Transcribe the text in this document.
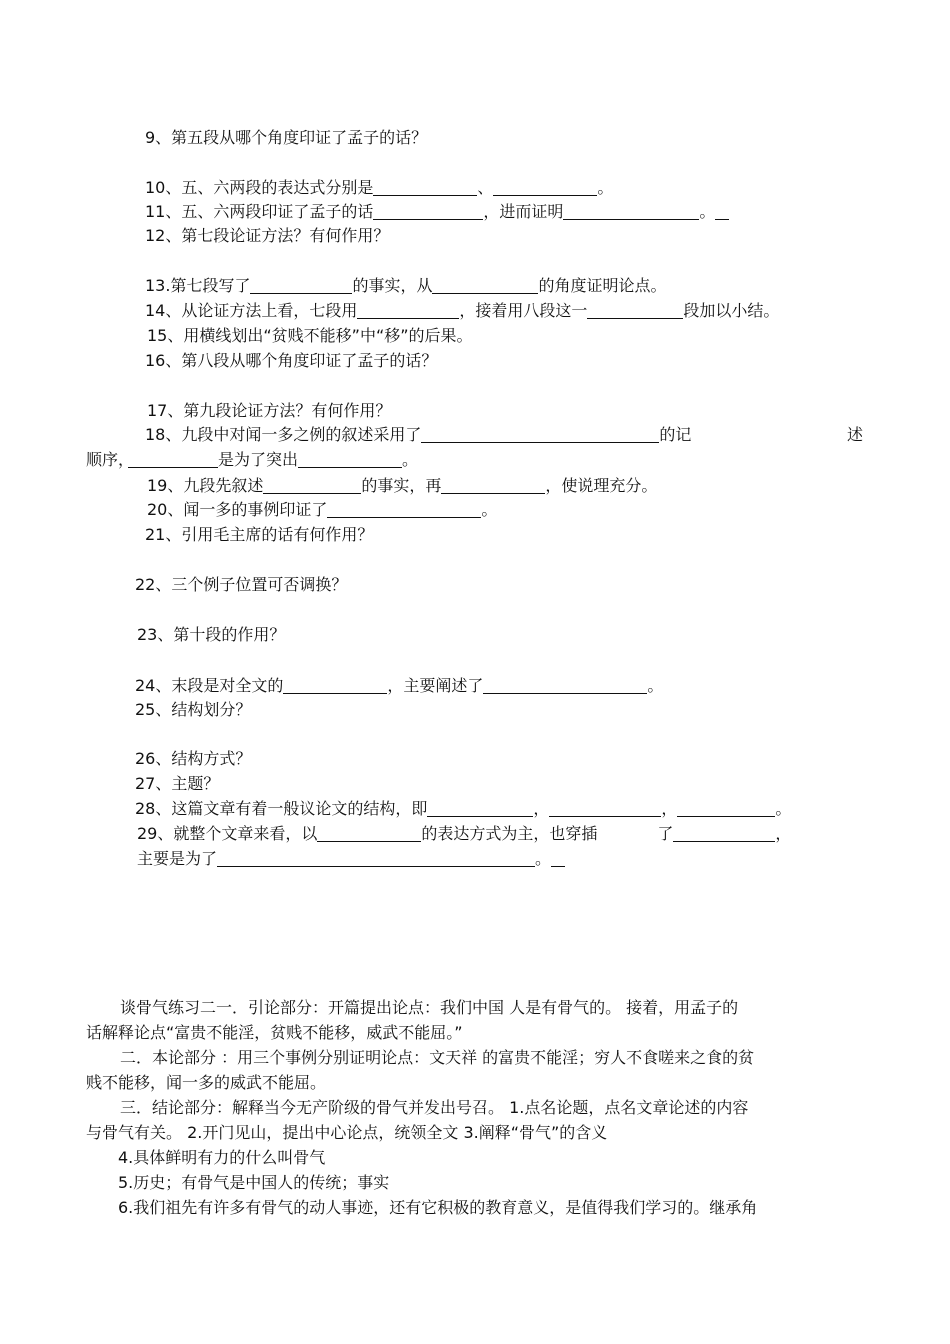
9、第五段从哪个角度印证了孟子的话？
10、五、六两段的表达式分别是	、	。
11、五、六两段印证了孟子的话	，进而证明	。
12、第七段论证方法？有何作用？
13.第七段写了	的事实，从	的角度证明论点。
14、从论证方法上看，七段用	，接着用八段这一	段加以小结。
15、用横线划出“贫贱不能移”中“移”的后果。
16、第八段从哪个角度印证了孟子的话？
17、第九段论证方法？有何作用？
18、九段中对闻一多之例的叙述采用了	的记	述
顺序，	是为了突出	。
19、九段先叙述	的事实，再	，使说理充分。
20、闻一多的事例印证了	。
21、引用毛主席的话有何作用？
22、三个例子位置可否调换？
23、第十段的作用？
24、末段是对全文的	，主要阐述了	。
25、结构划分？
26、结构方式？
27、主题？
28、这篇文章有着一般议论文的结构，即	，	，	。
29、就整个文章来看，以	的表达方式为主，也穿插	了	，
主要是为了	。
谈骨气练习二一．引论部分：开篇提出论点：我们中国 人是有骨气的。 接着，用孟子的
话解释论点“富贵不能淫，贫贱不能移，威武不能屈。”
二．本论部分 ：用三个事例分别证明论点：文天祥 的富贵不能淫；穷人不食嗟来之食的贫
贱不能移，闻一多的威武不能屈。
三．结论部分：解释当今无产阶级的骨气并发出号召。 1.点名论题，点名文章论述的内容
与骨气有关。 2.开门见山，提出中心论点，统领全文 3.阐释“骨气”的含义
4.具体鲜明有力的什么叫骨气
5.历史；有骨气是中国人的传统；事实
6.我们祖先有许多有骨气的动人事迹，还有它积极的教育意义，是值得我们学习的。继承角
